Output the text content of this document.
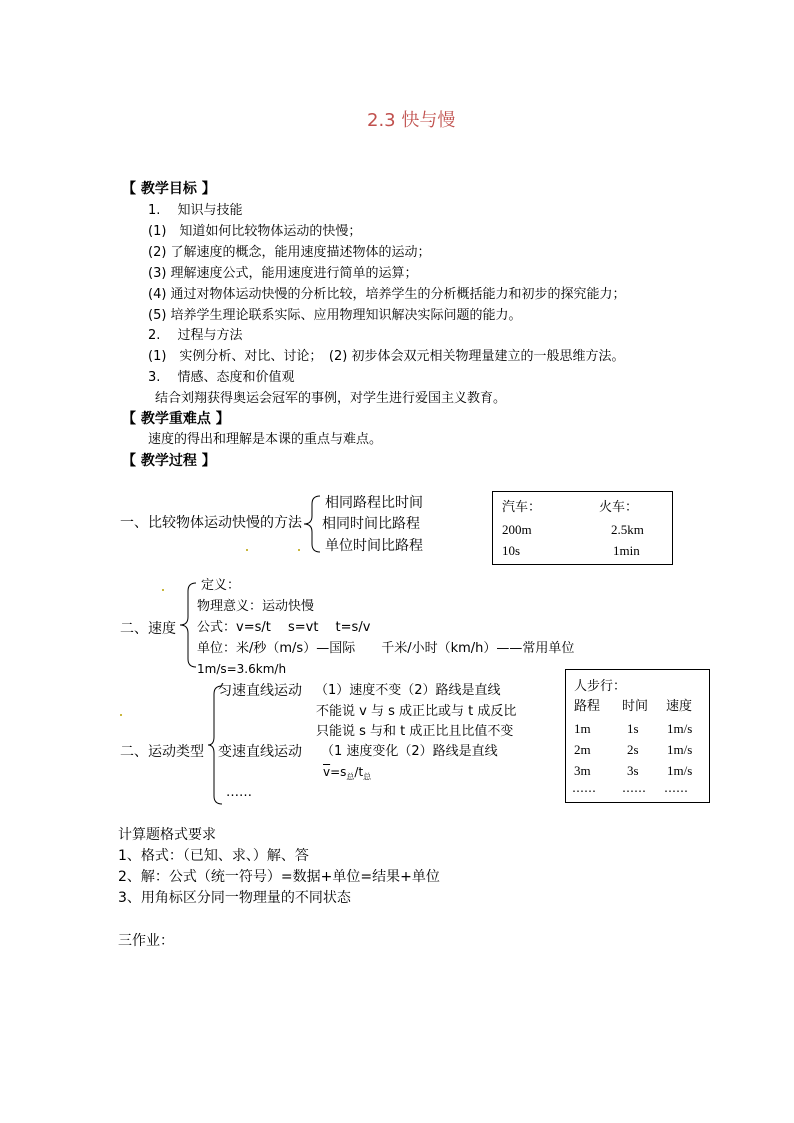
2.3 快与慢
【 教学目标 】
1.　 知识与技能
(1)　知道如何比较物体运动的快慢；
(2) 了解速度的概念，能用速度描述物体的运动；
(3) 理解速度公式，能用速度进行简单的运算；
(4) 通过对物体运动快慢的分析比较，培养学生的分析概括能力和初步的探究能力；
(5) 培养学生理论联系实际、应用物理知识解决实际问题的能力。
2.　 过程与方法
(1)　实例分析、对比、讨论；　(2) 初步体会双元相关物理量建立的一般思维方法。
3.　 情感、态度和价值观
结合刘翔获得奥运会冠军的事例，对学生进行爱国主义教育。
【 教学重难点 】
速度的得出和理解是本课的重点与难点。
【 教学过程 】
一、比较物体运动快慢的方法
相同路程比时间
相同时间比路程
单位时间比路程
汽车：	火车：
200m	2.5km
10s	1min
二、速度
定义：
物理意义：运动快慢
公式：v=s/t　 s=vt　 t=s/v
单位：米/秒（m/s）—国际　　千米/小时（km/h）——常用单位
1m/s=3.6km/h
二、运动类型
匀速直线运动 （1）速度不变（2）路线是直线
不能说 v 与 s 成正比或与 t 成反比
只能说 s 与和 t 成正比且比值不变
变速直线运动 （1 速度变化（2）路线是直线
$\overline{v}=s_总/t_总$
……
人步行：
路程 时间 速度
1m	1s 1m/s
2m	2s 1m/s
3m	3s 1m/s
…… …… ……
计算题格式要求
1、格式：（已知、求、）解、答
2、解：公式（统一符号）=数据+单位=结果+单位
3、用角标区分同一物理量的不同状态
三作业：
